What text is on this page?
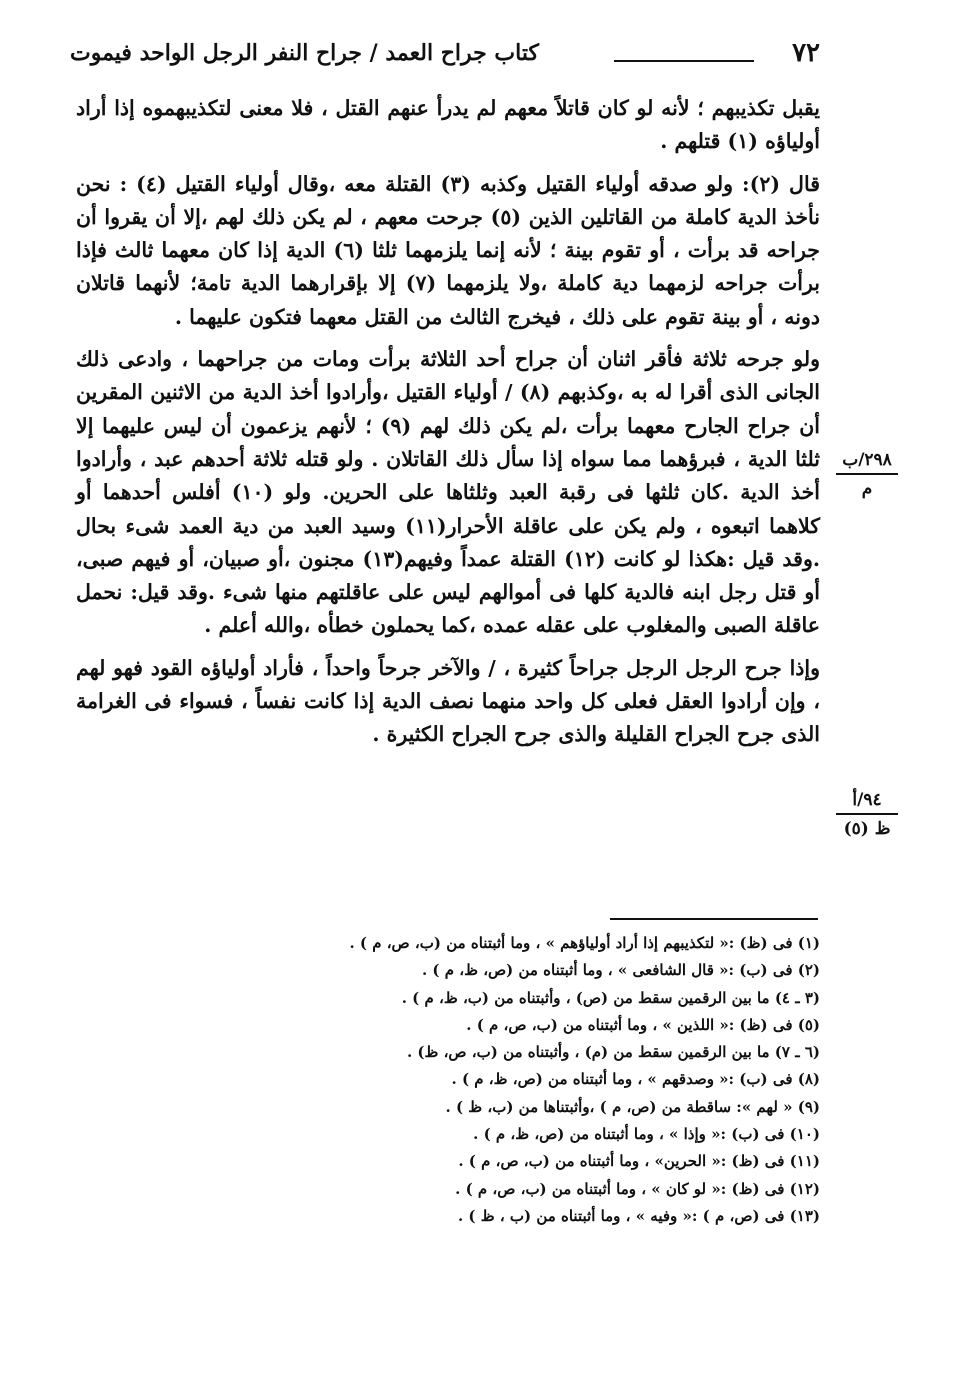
٧٢
كتاب جراح العمد / جراح النفر الرجل الواحد فيموت

يقبل تكذيبهم ؛ لأنه لو كان قاتلاً معهم لم يدرأ عنهم القتل ، فلا معنى لتكذيبهموه إذا أراد أولياؤه (١) قتلهم .

قال (٢): ولو صدقه أولياء القتيل وكذبه (٣) القتلة معه ،وقال أولياء القتيل (٤) : نحن نأخذ الدية كاملة من القاتلين الذين (٥) جرحت معهم ، لم يكن ذلك لهم ،إلا أن يقروا أن جراحه قد برأت ، أو تقوم بينة ؛ لأنه إنما يلزمهما ثلثا (٦) الدية إذا كان معهما ثالث فإذا برأت جراحه لزمهما دية كاملة ،ولا يلزمهما (٧) إلا بإقرارهما الدية تامة؛ لأنهما قاتلان دونه ، أو بينة تقوم على ذلك ، فيخرج الثالث من القتل معهما فتكون عليهما .

ولو جرحه ثلاثة فأقر اثنان أن جراح أحد الثلاثة برأت ومات من جراحهما ، وادعى ذلك الجانى الذى أقرا له به ،وكذبهم (٨) / أولياء القتيل ،وأرادوا أخذ الدية من الاثنين المقرين أن جراح الجارح معهما برأت ،لم يكن ذلك لهم (٩) ؛ لأنهم يزعمون أن ليس عليهما إلا ثلثا الدية ، فبرؤهما مما سواه إذا سأل ذلك القاتلان . ولو قتله ثلاثة أحدهم عبد ، وأرادوا أخذ الدية .كان ثلثها فى رقبة العبد وثلثاها على الحرين. ولو (١٠) أفلس أحدهما أو كلاهما اتبعوه ، ولم يكن على عاقلة الأحرار(١١) وسيد العبد من دية العمد شىء بحال .وقد قيل :هكذا لو كانت (١٢) القتلة عمداً وفيهم(١٣) مجنون ،أو صبيان، أو فيهم صبى، أو قتل رجل ابنه فالدية كلها فى أموالهم ليس على عاقلتهم منها شىء .وقد قيل: نحمل عاقلة الصبى والمغلوب على عقله عمده ،كما يحملون خطأه ،والله أعلم .

وإذا جرح الرجل الرجل جراحاً كثيرة ، / والآخر جرحاً واحداً ، فأراد أولياؤه القود فهو لهم ، وإن أرادوا العقل فعلى كل واحد منهما نصف الدية إذا كانت نفساً ، فسواء فى الغرامة الذى جرح الجراح القليلة والذى جرح الجراح الكثيرة .

٢٩٨/ب
م
٩٤/أ
ظ (٥)
(١) فى (ظ) :« لتكذيبهم إذا أراد أولياؤهم » ، وما أثبتناه من (ب، ص، م ) .
(٢) فى (ب) :« قال الشافعى » ، وما أثبتناه من (ص، ظ، م ) .
(٣ ـ ٤) ما بين الرقمين سقط من (ص) ، وأثبتناه من (ب، ظ، م ) .
(٥) فى (ظ) :« اللذين » ، وما أثبتناه من (ب، ص، م ) .
(٦ ـ ٧) ما بين الرقمين سقط من (م) ، وأثبتناه من (ب، ص، ظ) .
(٨) فى (ب) :« وصدقهم » ، وما أثبتناه من (ص، ظ، م ) .
(٩) « لهم »: ساقطة من (ص، م ) ،وأثبتناها من (ب، ظ ) .
(١٠) فى (ب) :« وإذا » ، وما أثبتناه من (ص، ظ، م ) .
(١١) فى (ظ) :« الحرين» ، وما أثبتناه من (ب، ص، م ) .
(١٢) فى (ظ) :« لو كان » ، وما أثبتناه من (ب، ص، م ) .
(١٣) فى (ص، م ) :« وفيه » ، وما أثبتناه من (ب ، ظ ) .
